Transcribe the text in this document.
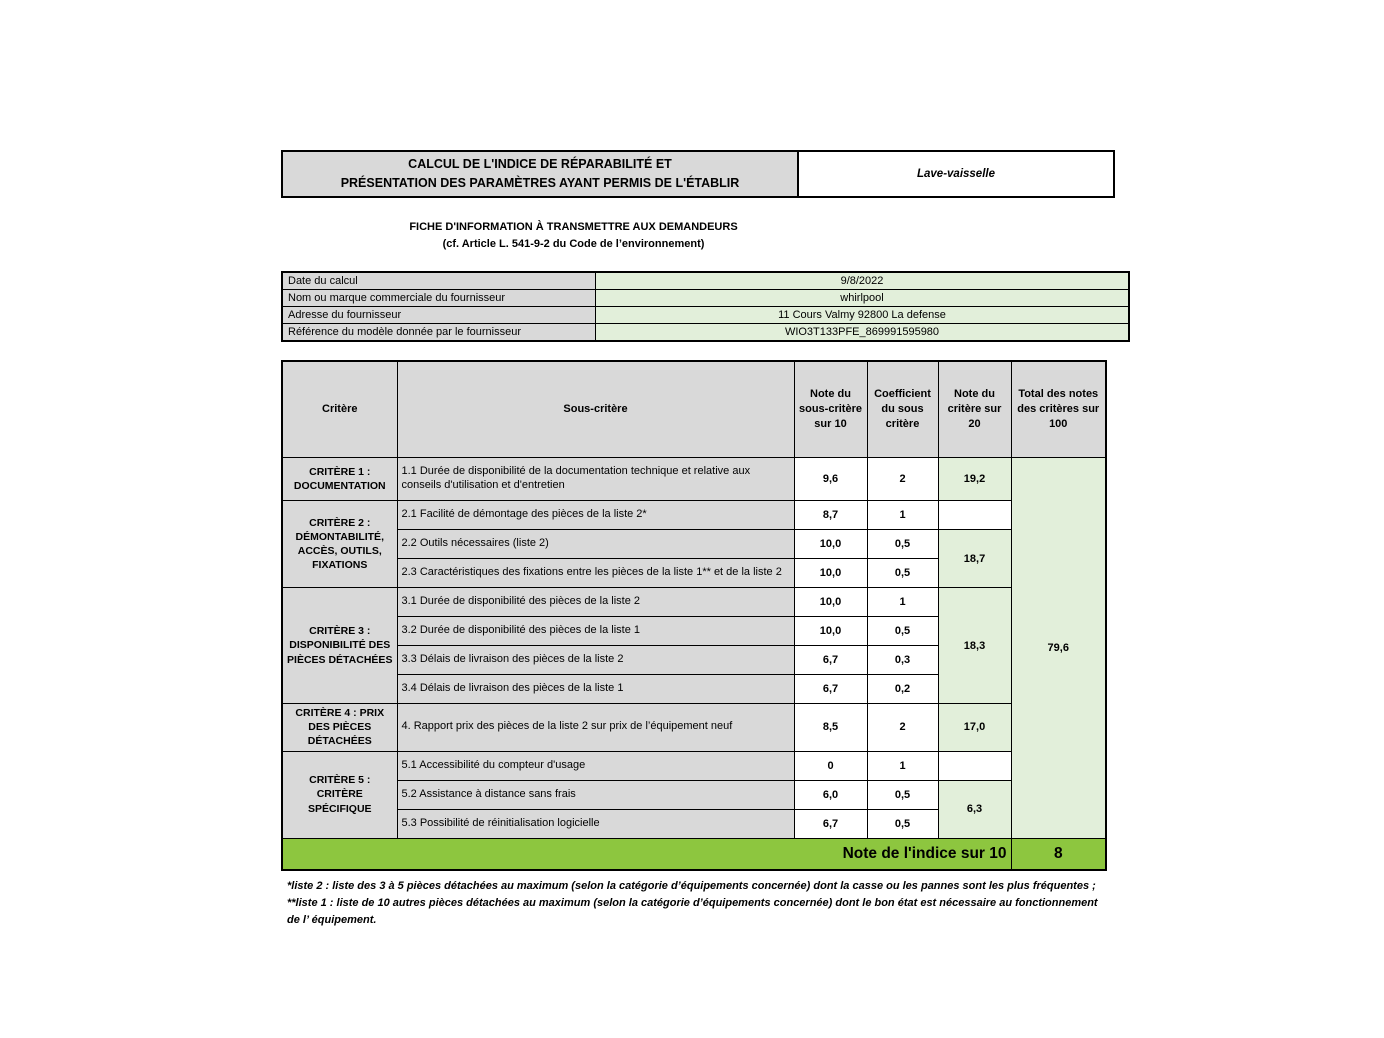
CALCUL DE L'INDICE DE RÉPARABILITÉ ET
PRÉSENTATION DES PARAMÈTRES AYANT PERMIS DE L'ÉTABLIR
	Lave-vaisselle
FICHE D'INFORMATION À TRANSMETTRE AUX DEMANDEURS
(cf. Article L. 541-9-2 du Code de l’environnement)
Date du calcul	9/8/2022
Nom ou marque commerciale du fournisseur	whirlpool
Adresse du fournisseur	11 Cours Valmy 92800 La defense
Référence du modèle donnée par le fournisseur	WIO3T133PFE_869991595980
Critère	Sous-critère	Note du sous-critère sur 10	Coefficient du sous critère	Note du critère sur 20	Total des notes des critères sur 100
CRITÈRE 1 : DOCUMENTATION	1.1 Durée de disponibilité de la documentation technique et relative aux conseils d'utilisation et d'entretien	9,6	2	19,2	79,6
CRITÈRE 2 : DÉMONTABILITÉ, ACCÈS, OUTILS, FIXATIONS	2.1 Facilité de démontage des pièces de la liste 2*	8,7	1		
	2.2 Outils nécessaires (liste 2)	10,0	0,5	18,7	
	2.3 Caractéristiques des fixations entre les pièces de la liste 1** et de la liste 2	10,0	0,5		
CRITÈRE 3 : DISPONIBILITÉ DES PIÈCES DÉTACHÉES	3.1 Durée de disponibilité des pièces de la liste 2	10,0	1	18,3	
	3.2 Durée de disponibilité des pièces de la liste 1	10,0	0,5		
	3.3 Délais de livraison des pièces de la liste 2	6,7	0,3		
	3.4 Délais de livraison des pièces de la liste 1	6,7	0,2		
CRITÈRE 4 : PRIX DES PIÈCES DÉTACHÉES	4. Rapport prix des pièces de la liste 2 sur prix de l’équipement neuf	8,5	2	17,0	
CRITÈRE 5 : CRITÈRE SPÉCIFIQUE	5.1 Accessibilité du compteur d'usage	0	1		
	5.2 Assistance à distance sans frais	6,0	0,5	6,3	
	5.3 Possibilité de réinitialisation logicielle	6,7	0,5		
Note de l'indice sur 10					8

*liste 2 : liste des 3 à 5 pièces détachées au maximum (selon la catégorie d’équipements concernée) dont la casse ou les pannes sont les plus fréquentes ;

**liste 1 : liste de 10 autres pièces détachées au maximum (selon la catégorie d’équipements concernée) dont le bon état est nécessaire au fonctionnement de l’ équipement.
